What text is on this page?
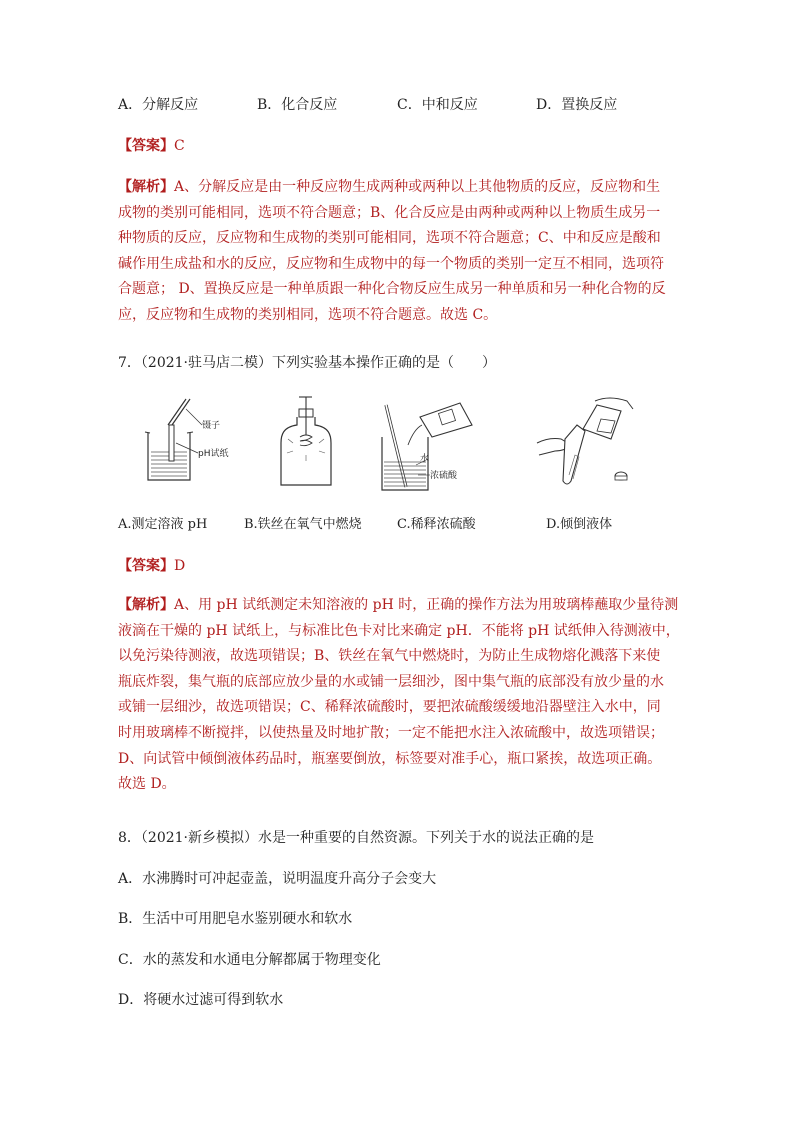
A．分解反应	B．化合反应	C．中和反应	D．置换反应
【答案】C

【解析】A、分解反应是由一种反应物生成两种或两种以上其他物质的反应，反应物和生

成物的类别可能相同，选项不符合题意；B、化合反应是由两种或两种以上物质生成另一

种物质的反应，反应物和生成物的类别可能相同，选项不符合题意；C、中和反应是酸和

碱作用生成盐和水的反应，反应物和生成物中的每一个物质的类别一定互不相同，选项符

合题意； D、置换反应是一种单质跟一种化合物反应生成另一种单质和另一种化合物的反

应，反应物和生成物的类别相同，选项不符合题意。故选 C。

7．（2021·驻马店二模）下列实验基本操作正确的是（　　）
镊子
pH试纸	水
浓硫酸
A.测定溶液 pH	B.铁丝在氧气中燃烧	C.稀释浓硫酸	D.倾倒液体
【答案】D

【解析】A、用 pH 试纸测定未知溶液的 pH 时，正确的操作方法为用玻璃棒蘸取少量待测

液滴在干燥的 pH 试纸上，与标准比色卡对比来确定 pH．不能将 pH 试纸伸入待测液中，

以免污染待测液，故选项错误；B、铁丝在氧气中燃烧时，为防止生成物熔化溅落下来使

瓶底炸裂，集气瓶的底部应放少量的水或铺一层细沙，图中集气瓶的底部没有放少量的水

或铺一层细沙，故选项错误；C、稀释浓硫酸时，要把浓硫酸缓缓地沿器壁注入水中，同

时用玻璃棒不断搅拌，以使热量及时地扩散；一定不能把水注入浓硫酸中，故选项错误；

D、向试管中倾倒液体药品时，瓶塞要倒放，标签要对准手心，瓶口紧挨，故选项正确。

故选 D。

8．（2021·新乡模拟）水是一种重要的自然资源。下列关于水的说法正确的是
A．水沸腾时可冲起壶盖，说明温度升高分子会变大
B．生活中可用肥皂水鉴别硬水和软水
C．水的蒸发和水通电分解都属于物理变化
D．将硬水过滤可得到软水
